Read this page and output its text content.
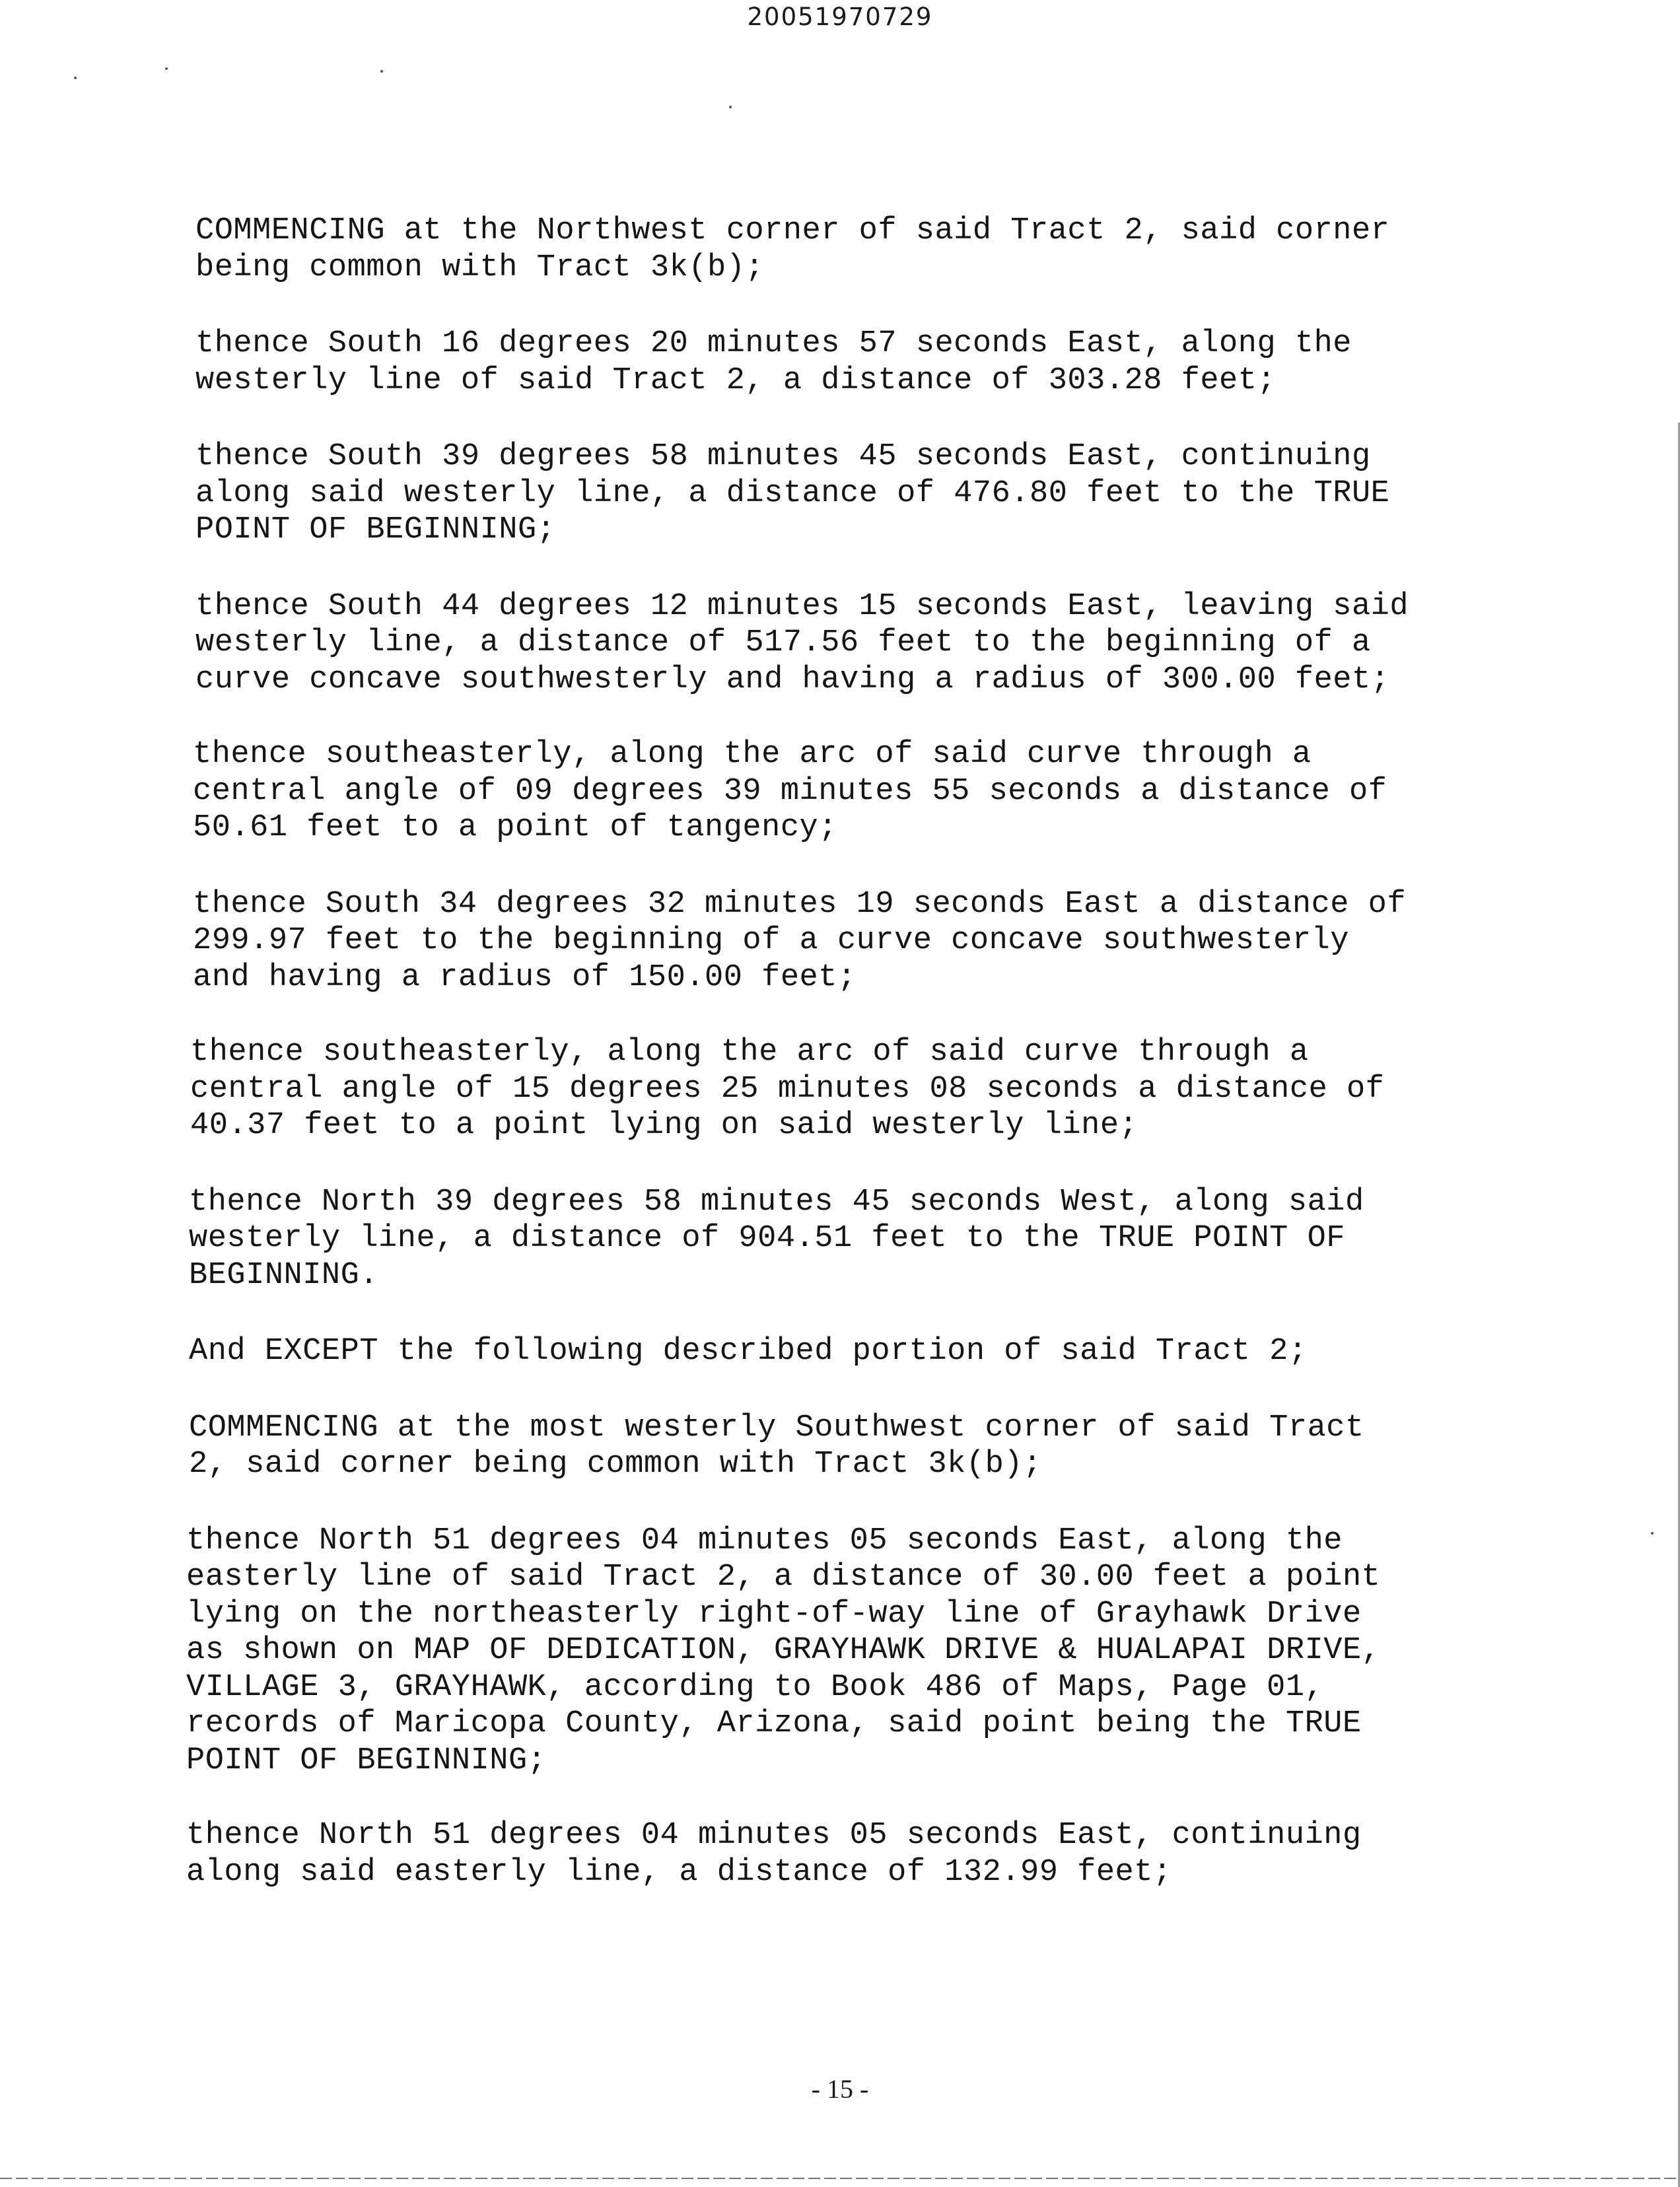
20051970729
COMMENCING at the Northwest corner of said Tract 2, said corner
being common with Tract 3k(b);
thence South 16 degrees 20 minutes 57 seconds East, along the
westerly line of said Tract 2, a distance of 303.28 feet;
thence South 39 degrees 58 minutes 45 seconds East, continuing
along said westerly line, a distance of 476.80 feet to the TRUE
POINT OF BEGINNING;
thence South 44 degrees 12 minutes 15 seconds East, leaving said
westerly line, a distance of 517.56 feet to the beginning of a
curve concave southwesterly and having a radius of 300.00 feet;
thence southeasterly, along the arc of said curve through a
central angle of 09 degrees 39 minutes 55 seconds a distance of
50.61 feet to a point of tangency;
thence South 34 degrees 32 minutes 19 seconds East a distance of
299.97 feet to the beginning of a curve concave southwesterly
and having a radius of 150.00 feet;
thence southeasterly, along the arc of said curve through a
central angle of 15 degrees 25 minutes 08 seconds a distance of
40.37 feet to a point lying on said westerly line;
thence North 39 degrees 58 minutes 45 seconds West, along said
westerly line, a distance of 904.51 feet to the TRUE POINT OF
BEGINNING.
And EXCEPT the following described portion of said Tract 2;
COMMENCING at the most westerly Southwest corner of said Tract
2, said corner being common with Tract 3k(b);
thence North 51 degrees 04 minutes 05 seconds East, along the
easterly line of said Tract 2, a distance of 30.00 feet a point
lying on the northeasterly right-of-way line of Grayhawk Drive
as shown on MAP OF DEDICATION, GRAYHAWK DRIVE & HUALAPAI DRIVE,
VILLAGE 3, GRAYHAWK, according to Book 486 of Maps, Page 01,
records of Maricopa County, Arizona, said point being the TRUE
POINT OF BEGINNING;
thence North 51 degrees 04 minutes 05 seconds East, continuing
along said easterly line, a distance of 132.99 feet;
- 15 -
